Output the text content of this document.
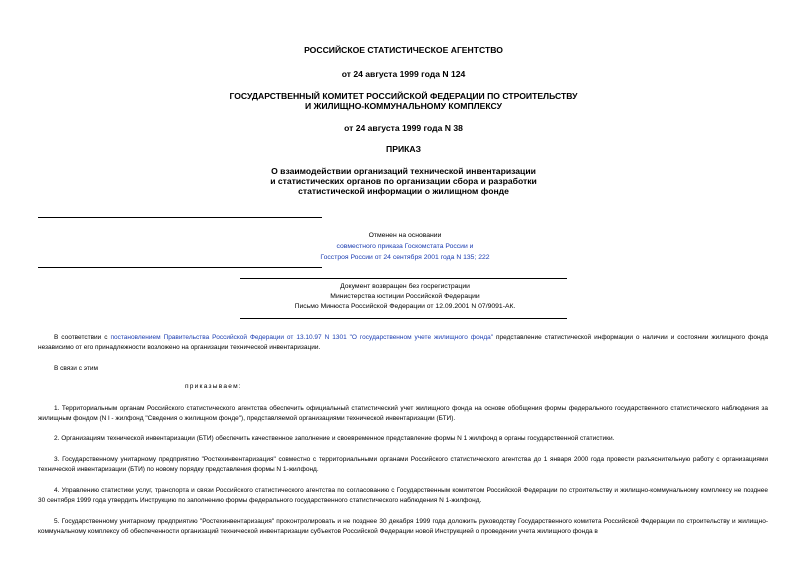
РОССИЙСКОЕ СТАТИСТИЧЕСКОЕ АГЕНТСТВО
от 24 августа 1999 года N 124
ГОСУДАРСТВЕННЫЙ КОМИТЕТ РОССИЙСКОЙ ФЕДЕРАЦИИ ПО СТРОИТЕЛЬСТВУ
И ЖИЛИЩНО-КОММУНАЛЬНОМУ КОМПЛЕКСУ
от 24 августа 1999 года N 38
ПРИКАЗ
О взаимодействии организаций технической инвентаризации
и статистических органов по организации сбора и разработки
статистической информации о жилищном фонде
Отменен на основании
совместного приказа Госкомстата России и
Госстроя России от 24 сентября 2001 года N 135; 222
Документ возвращен без госрегистрации
Министерства юстиции Российской Федерации
Письмо Минюста Российской Федерации от 12.09.2001 N 07/9091-АК.
В соответствии с постановлением Правительства Российской Федерации от 13.10.97 N 1301 "О государственном учете жилищного фонда" представление статистической информации о наличии и состоянии жилищного фонда независимо от его принадлежности возложено на организации технической инвентаризации.
В связи с этим
приказываем:
1. Территориальным органам Российского статистического агентства обеспечить официальный статистический учет жилищного фонда на основе обобщения формы федерального государственного статистического наблюдения за жилищным фондом (N l - жилфонд "Сведения о жилищном фонде"), представляемой организациями технической инвентаризации (БТИ).
2. Организациям технической инвентаризации (БТИ) обеспечить качественное заполнение и своевременное представление формы N 1 жилфонд в органы государственной статистики.
3. Государственному унитарному предприятию "Ростехинвентаризация" совместно с территориальными органами Российского статистического агентства до 1 января 2000 года провести разъяснительную работу с организациями технической инвентаризации (БТИ) по новому порядку представления формы N 1-жилфонд.
4. Управлению статистики услуг, транспорта и связи Российского статистического агентства по согласованию с Государственным комитетом Российской Федерации по строительству и жилищно-коммунальному комплексу не позднее 30 сентября 1999 года утвердить Инструкцию по заполнению формы федерального государственного статистического наблюдения N 1-жилфонд.
5. Государственному унитарному предприятию "Ростехинвентаризация" проконтролировать и не позднее 30 декабря 1999 года доложить руководству Государственного комитета Российской Федерации по строительству и жилищно-коммунальному комплексу об обеспеченности организаций технической инвентаризации субъектов Российской Федерации новой Инструкцией о проведении учета жилищного фонда в
